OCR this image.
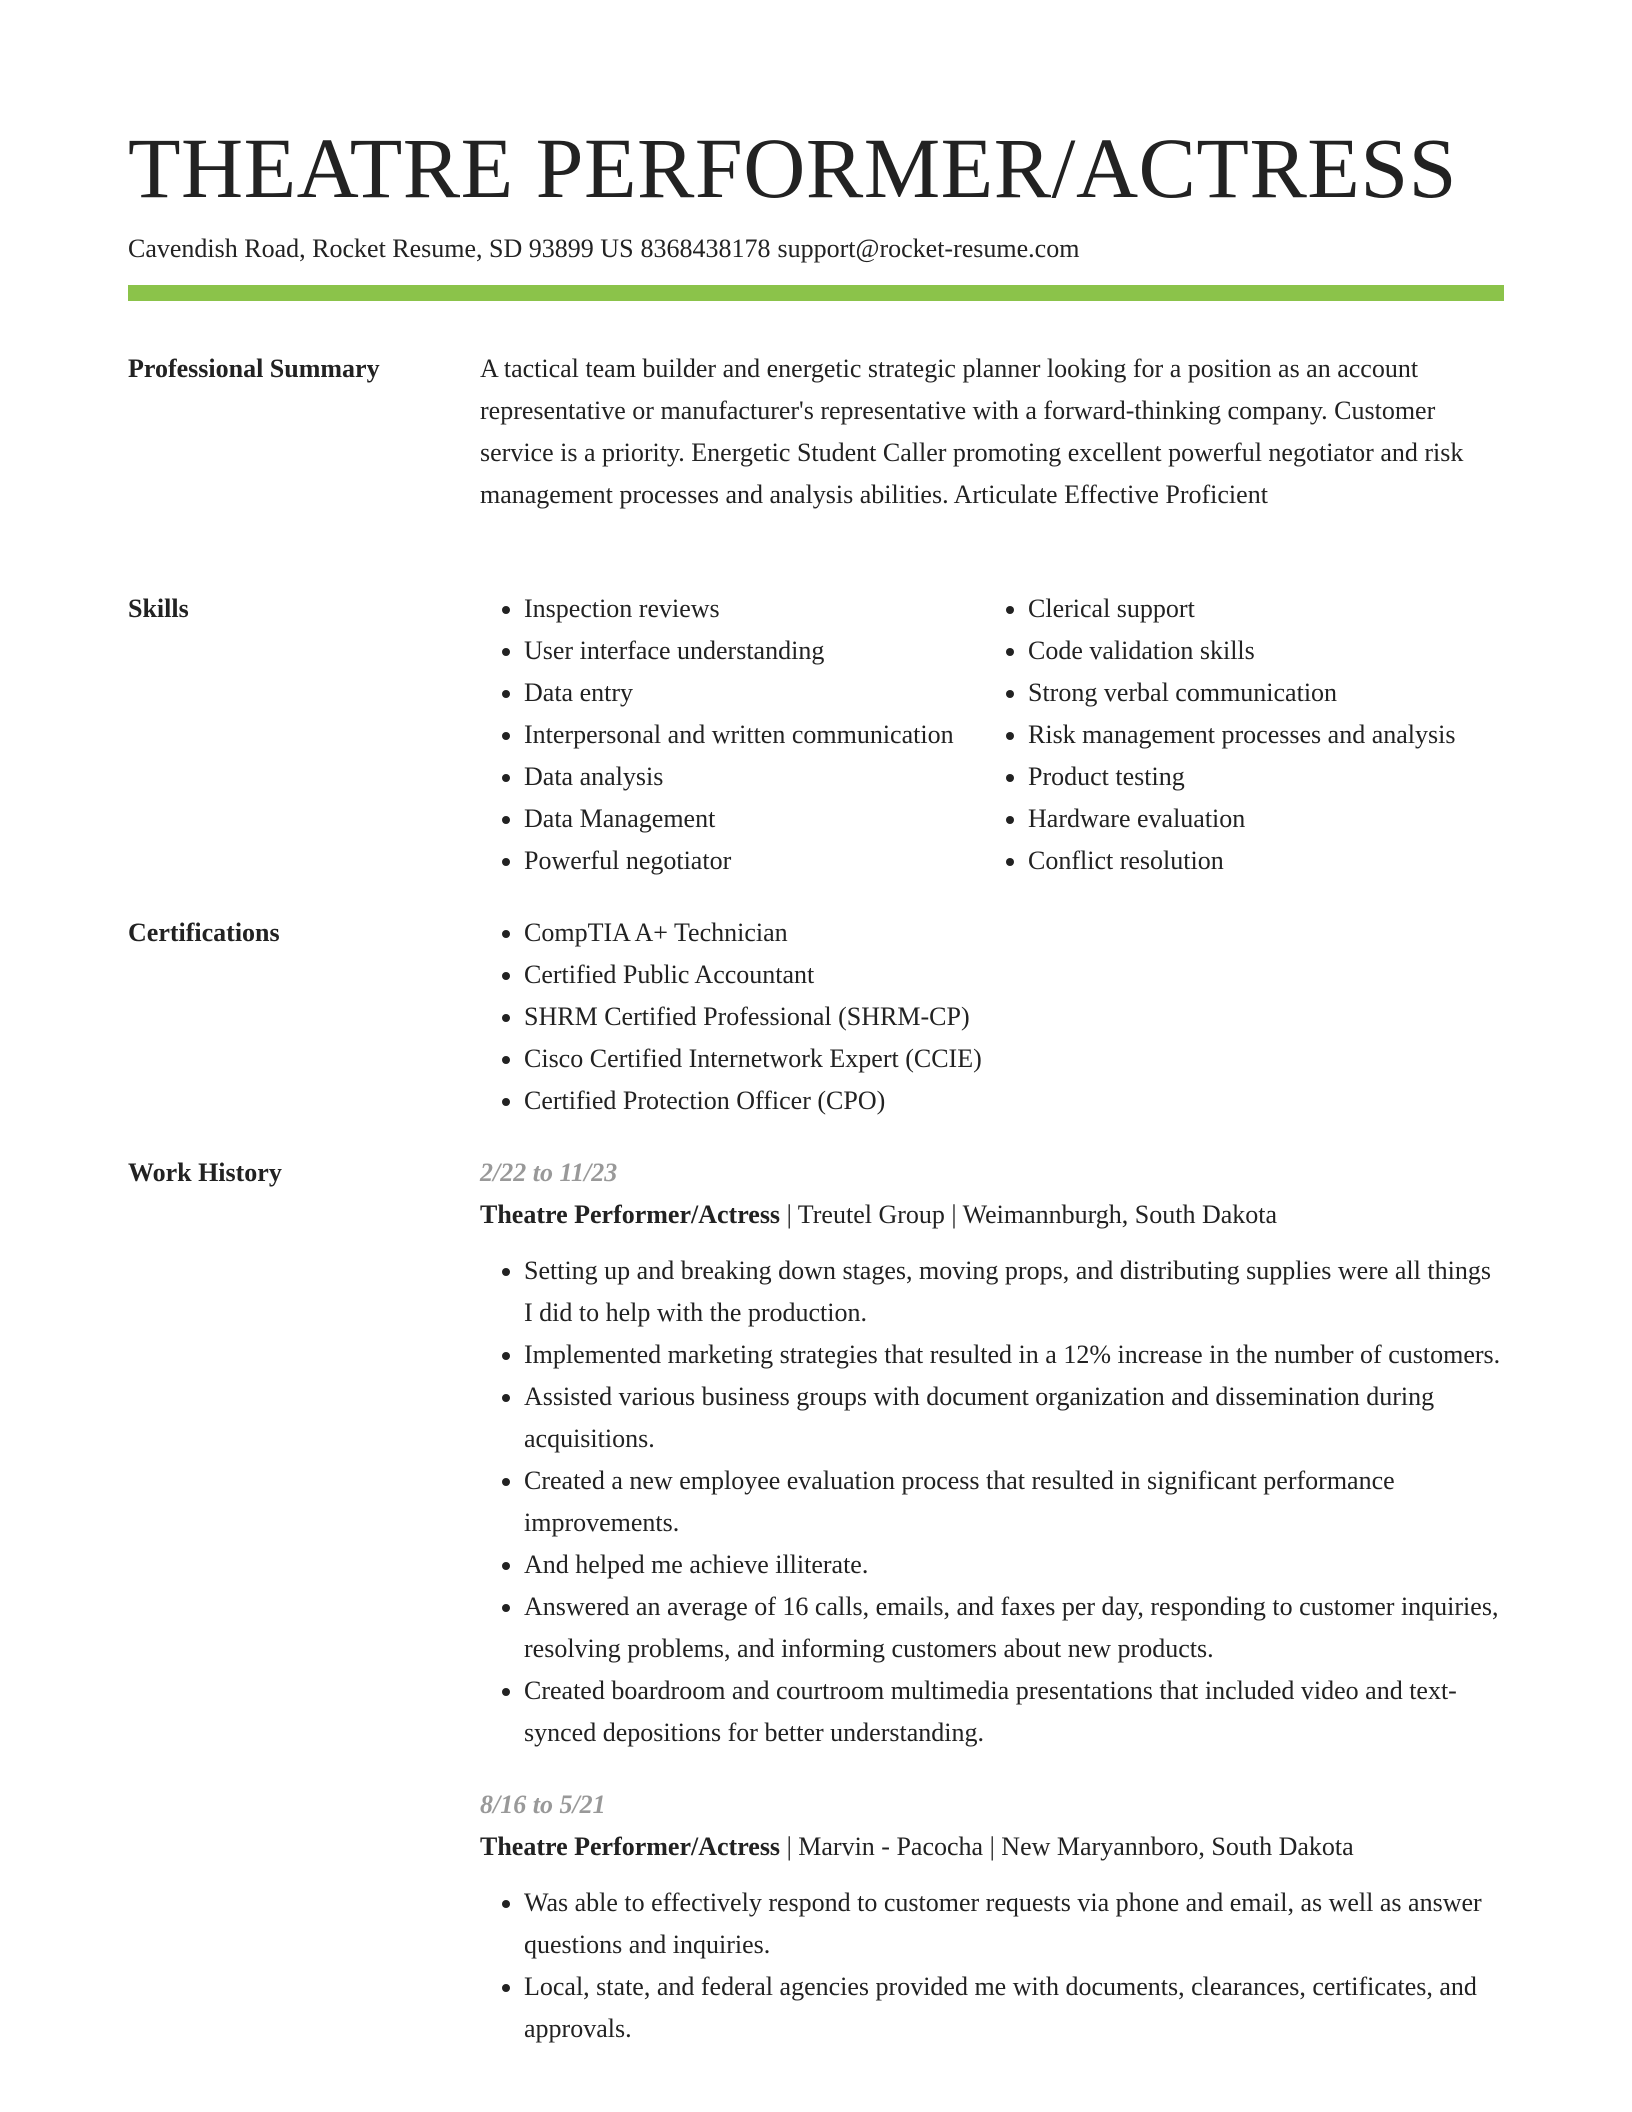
THEATRE PERFORMER/ACTRESS
Cavendish Road, Rocket Resume, SD 93899 US 8368438178 support@rocket-resume.com
Professional Summary	A tactical team builder and energetic strategic planner looking for a position as an account representative or manufacturer's representative with a forward-thinking company. Customer service is a priority. Energetic Student Caller promoting excellent powerful negotiator and risk management processes and analysis abilities. Articulate Effective Proficient

Skills	• Inspection reviews
• User interface understanding
• Data entry
• Interpersonal and written communication
• Data analysis
• Data Management
• Powerful negotiator
• Clerical support
• Code validation skills
• Strong verbal communication
• Risk management processes and analysis
• Product testing
• Hardware evaluation
• Conflict resolution
Certifications	• CompTIA A+ Technician
• Certified Public Accountant
• SHRM Certified Professional (SHRM-CP)
• Cisco Certified Internetwork Expert (CCIE)
• Certified Protection Officer (CPO)
Work History	2/22 to 11/23
Theatre Performer/Actress | Treutel Group | Weimannburgh, South Dakota
• Setting up and breaking down stages, moving props, and distributing supplies were all things I did to help with the production.
• Implemented marketing strategies that resulted in a 12% increase in the number of customers.
• Assisted various business groups with document organization and dissemination during acquisitions.
• Created a new employee evaluation process that resulted in significant performance improvements.
• And helped me achieve illiterate.
• Answered an average of 16 calls, emails, and faxes per day, responding to customer inquiries, resolving problems, and informing customers about new products.
• Created boardroom and courtroom multimedia presentations that included video and text-synced depositions for better understanding.
8/16 to 5/21
Theatre Performer/Actress | Marvin - Pacocha | New Maryannboro, South Dakota
• Was able to effectively respond to customer requests via phone and email, as well as answer questions and inquiries.
• Local, state, and federal agencies provided me with documents, clearances, certificates, and approvals.
